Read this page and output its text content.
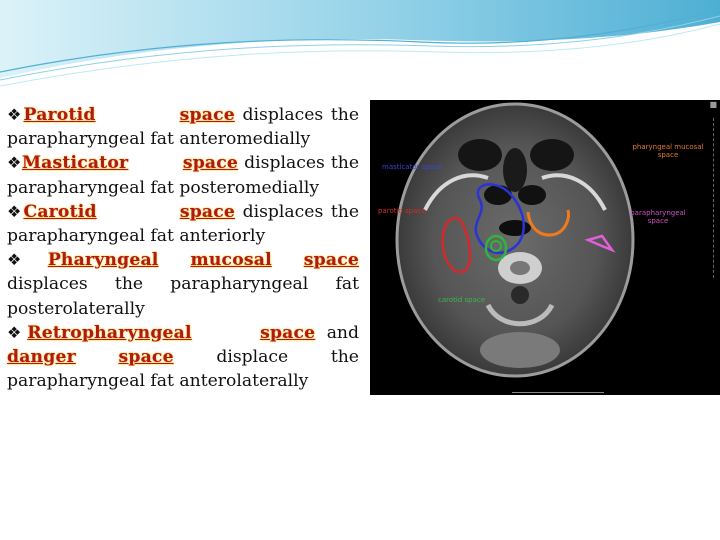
❖Parotid	space displaces the parapharyngeal fat anteromedially

❖Masticator	space displaces the parapharyngeal fat posteromedially

❖Carotid	space displaces the parapharyngeal fat anteriorly

❖Pharyngeal mucosal space displaces the parapharyngeal fat posterolaterally

❖Retropharyngeal	space and danger space displace the parapharyngeal fat anterolaterally

masticator space
parotid space
carotid space
pharyngeal mucosal space
parapharyngeal space
■
